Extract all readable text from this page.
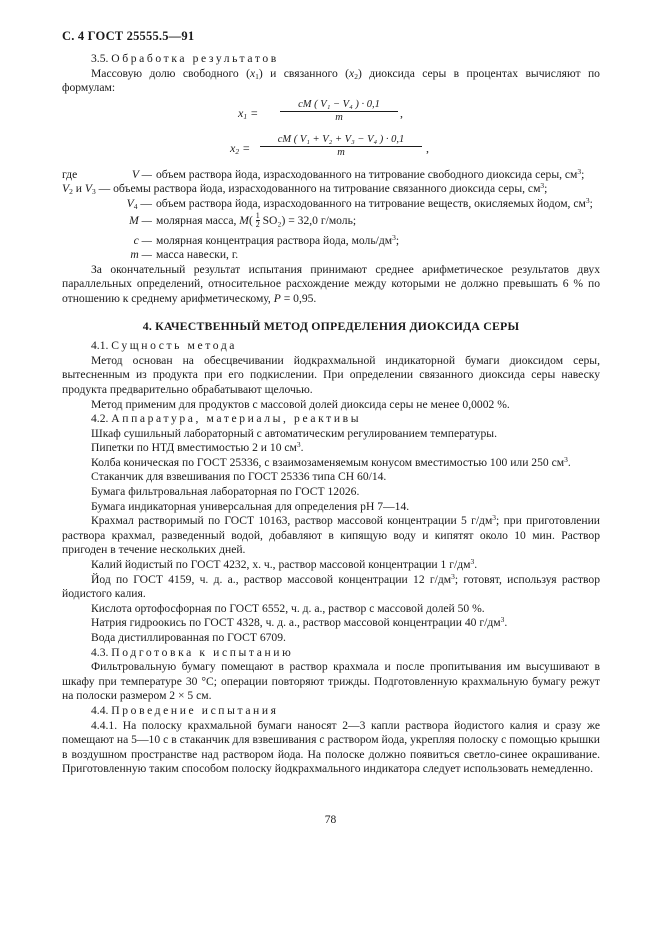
С. 4 ГОСТ 25555.5—91

3.5. Обработка результатов

Массовую долю свободного $(x_1)$ и связанного $(x_2)$ диоксида серы в процентах вычисляют по формулам:

$x_1 = \frac{\text{cM ( V₁ − V₄ ) · 0,1}}{m}$ ,
$x_2 = \frac{\text{cM ( V₁ + V₂ + V₃ − V₄ ) · 0,1}}{m}$ ,
где	V — объем раствора йода, израсходованного на титрование свободного диоксида серы, $см^3$;
$V_2$ и $V_3$ — объемы раствора йода, израсходованного на титрование связанного диоксида серы, $см^3$;
$V_4$ — объем раствора йода, израсходованного на титрование веществ, окисляемых йодом, $см^3$;
M — молярная масса, $M( \frac{1}{2} SO_2) = 32,0$ г/моль;
c — молярная концентрация раствора йода, моль/$дм^3$;
m — масса навески, г.

За окончательный результат испытания принимают среднее арифметическое результатов двух параллельных определений, относительное расхождение между которыми не должно превышать 6 % по отношению к среднему арифметическому, P = 0,95.

4. КАЧЕСТВЕННЫЙ МЕТОД ОПРЕДЕЛЕНИЯ ДИОКСИДА СЕРЫ

4.1. Сущность метода

Метод основан на обесцвечивании йодкрахмальной индикаторной бумаги диоксидом серы, вытесненным из продукта при его подкислении. При определении связанного диоксида серы навеску продукта предварительно обрабатывают щелочью.

Метод применим для продуктов с массовой долей диоксида серы не менее 0,0002 %.

4.2. Аппаратура, материалы, реактивы

Шкаф сушильный лабораторный с автоматическим регулированием температуры.

Пипетки по НТД вместимостью 2 и 10 $см^3$.

Колба коническая по ГОСТ 25336, с взаимозаменяемым конусом вместимостью 100 или 250 $см^3$.

Стаканчик для взвешивания по ГОСТ 25336 типа СН 60/14.

Бумага фильтровальная лабораторная по ГОСТ 12026.

Бумага индикаторная универсальная для определения рН 7—14.

Крахмал растворимый по ГОСТ 10163, раствор массовой концентрации 5 $г/дм^3$; при приготовлении раствора крахмал, разведенный водой, добавляют в кипящую воду и кипятят около 10 мин. Раствор пригоден в течение нескольких дней.

Калий йодистый по ГОСТ 4232, х. ч., раствор массовой концентрации 1 $г/дм^3$.

Йод по ГОСТ 4159, ч. д. а., раствор массовой концентрации 12 $г/дм^3$; готовят, используя раствор йодистого калия.

Кислота ортофосфорная по ГОСТ 6552, ч. д. а., раствор с массовой долей 50 %.

Натрия гидроокись по ГОСТ 4328, ч. д. а., раствор массовой концентрации 40 $г/дм^3$.

Вода дистиллированная по ГОСТ 6709.

4.3. Подготовка к испытанию

Фильтровальную бумагу помещают в раствор крахмала и после пропитывания им высушивают в шкафу при температуре 30 °С; операции повторяют трижды. Подготовленную крахмальную бумагу режут на полоски размером 2 × 5 см.

4.4. Проведение испытания

4.4.1. На полоску крахмальной бумаги наносят 2—3 капли раствора йодистого калия и сразу же помещают на 5—10 с в стаканчик для взвешивания с раствором йода, укрепляя полоску с помощью крышки в воздушном пространстве над раствором йода. На полоске должно появиться светло-синее окрашивание. Приготовленную таким способом полоску йодкрахмального индикатора следует использовать немедленно.

78
